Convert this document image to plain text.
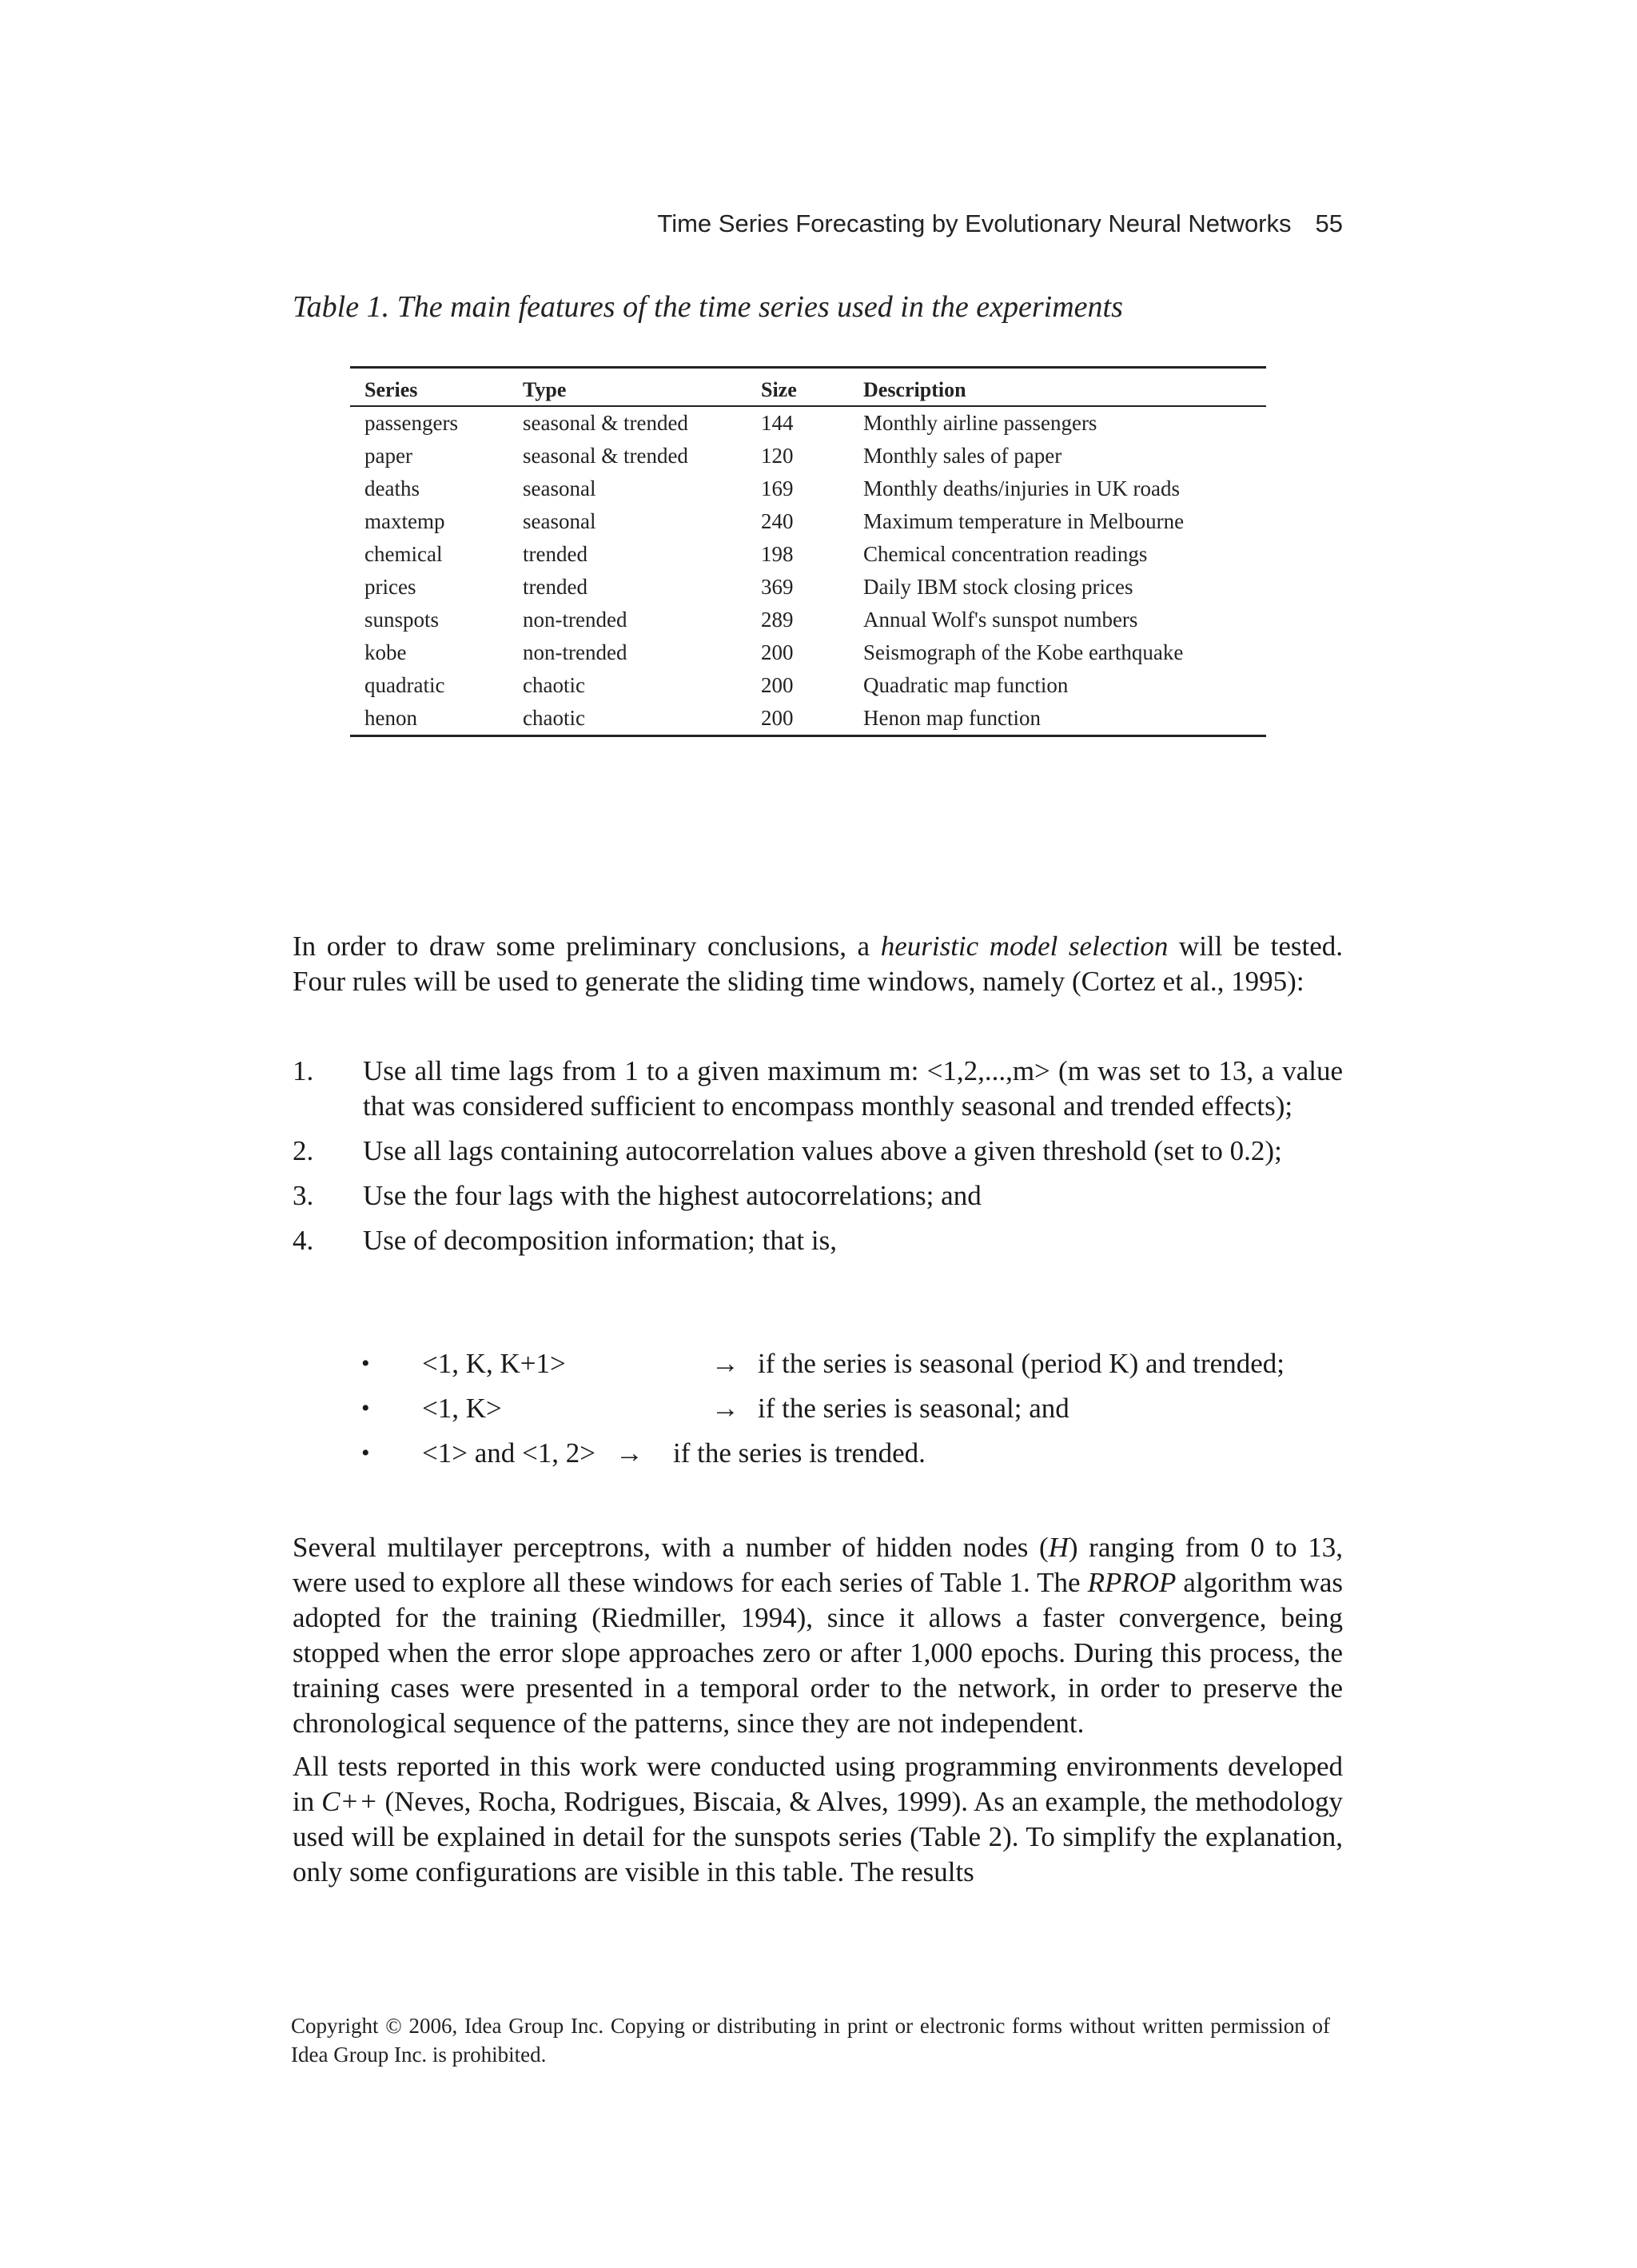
Time Series Forecasting by Evolutionary Neural Networks 55
Table 1. The main features of the time series used in the experiments
Series	Type	Size	Description
passengers	seasonal & trended	144	Monthly airline passengers
paper	seasonal & trended	120	Monthly sales of paper
deaths	seasonal	169	Monthly deaths/injuries in UK roads
maxtemp	seasonal	240	Maximum temperature in Melbourne
chemical	trended	198	Chemical concentration readings
prices	trended	369	Daily IBM stock closing prices
sunspots	non-trended	289	Annual Wolf's sunspot numbers
kobe	non-trended	200	Seismograph of the Kobe earthquake
quadratic	chaotic	200	Quadratic map function
henon	chaotic	200	Henon map function

In order to draw some preliminary conclusions, a heuristic model selection will be tested. Four rules will be used to generate the sliding time windows, namely (Cortez et al., 1995):

1. Use all time lags from 1 to a given maximum m: <1,2,...,m> (m was set to 13, a value that was considered sufficient to encompass monthly seasonal and trended effects);
2. Use all lags containing autocorrelation values above a given threshold (set to 0.2);
3. Use the four lags with the highest autocorrelations; and
4. Use of decomposition information; that is,
• <1, K, K+1>	→ if the series is seasonal (period K) and trended;
• <1, K>	→ if the series is seasonal; and
• <1> and <1, 2> → if the series is trended.

Several multilayer perceptrons, with a number of hidden nodes (H) ranging from 0 to 13, were used to explore all these windows for each series of Table 1. The RPROP algorithm was adopted for the training (Riedmiller, 1994), since it allows a faster convergence, being stopped when the error slope approaches zero or after 1,000 epochs. During this process, the training cases were presented in a temporal order to the network, in order to preserve the chronological sequence of the patterns, since they are not independent.

All tests reported in this work were conducted using programming environments developed in C++ (Neves, Rocha, Rodrigues, Biscaia, & Alves, 1999). As an example, the methodology used will be explained in detail for the sunspots series (Table 2). To simplify the explanation, only some configurations are visible in this table. The results

Copyright © 2006, Idea Group Inc. Copying or distributing in print or electronic forms without written permission of Idea Group Inc. is prohibited.
